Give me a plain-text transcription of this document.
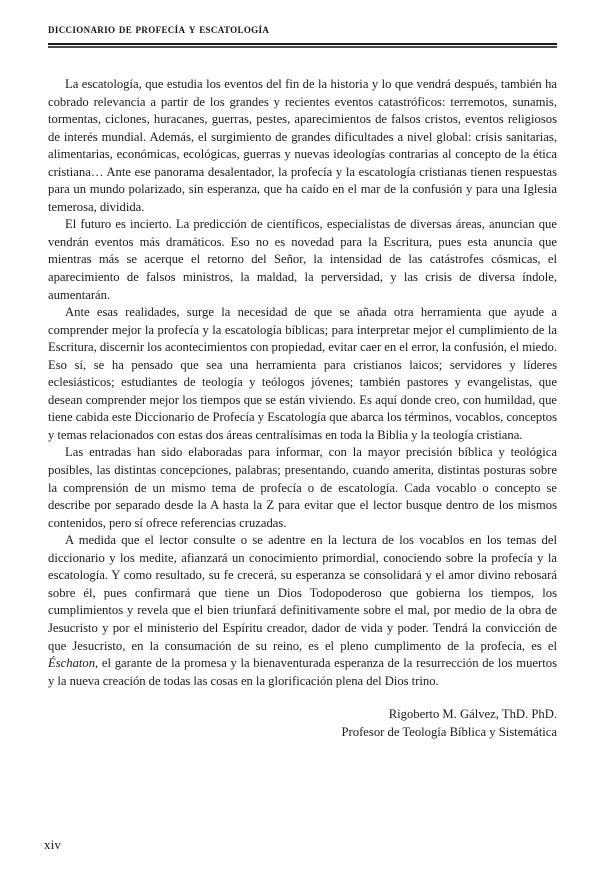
diccionario de profecía y escatología

La escatología, que estudia los eventos del fin de la historia y lo que vendrá después, también ha cobrado relevancia a partir de los grandes y recientes eventos catastróficos: terremotos, sunamis, tormentas, ciclones, huracanes, guerras, pestes, aparecimientos de falsos cristos, eventos religiosos de interés mundial. Además, el surgimiento de grandes dificultades a nivel global: crisis sanitarias, alimentarias, económicas, ecológicas, guerras y nuevas ideologías contrarias al concepto de la ética cristiana… Ante ese panorama desalentador, la profecía y la escatología cristianas tienen respuestas para un mundo polarizado, sin esperanza, que ha caído en el mar de la confusión y para una Iglesia temerosa, dividida.

El futuro es incierto. La predicción de científicos, especialistas de diversas áreas, anuncian que vendrán eventos más dramáticos. Eso no es novedad para la Escritura, pues esta anuncia que mientras más se acerque el retorno del Señor, la intensidad de las catástrofes cósmicas, el aparecimiento de falsos ministros, la maldad, la perversidad, y las crisis de diversa índole, aumentarán.

Ante esas realidades, surge la necesidad de que se añada otra herramienta que ayude a comprender mejor la profecía y la escatología bíblicas; para interpretar mejor el cumplimiento de la Escritura, discernir los acontecimientos con propiedad, evitar caer en el error, la confusión, el miedo. Eso sí, se ha pensado que sea una herramienta para cristianos laicos; servidores y líderes eclesiásticos; estudiantes de teología y teólogos jóvenes; también pastores y evangelistas, que desean comprender mejor los tiempos que se están viviendo. Es aquí donde creo, con humildad, que tiene cabida este Diccionario de Profecía y Escatología que abarca los términos, vocablos, conceptos y temas relacionados con estas dos áreas centralísimas en toda la Biblia y la teología cristiana.

Las entradas han sido elaboradas para informar, con la mayor precisión bíblica y teológica posibles, las distintas concepciones, palabras; presentando, cuando amerita, distintas posturas sobre la comprensión de un mismo tema de profecía o de escatología. Cada vocablo o concepto se describe por separado desde la A hasta la Z para evitar que el lector busque dentro de los mismos contenidos, pero sí ofrece referencias cruzadas.

A medida que el lector consulte o se adentre en la lectura de los vocablos en los temas del diccionario y los medite, afianzará un conocimiento primordial, conociendo sobre la profecía y la escatología. Y como resultado, su fe crecerá, su esperanza se consolidará y el amor divino rebosará sobre él, pues confirmará que tiene un Dios Todopoderoso que gobierna los tiempos, los cumplimientos y revela que el bien triunfará definitivamente sobre el mal, por medio de la obra de Jesucristo y por el ministerio del Espíritu creador, dador de vida y poder. Tendrá la convicción de que Jesucristo, en la consumación de su reino, es el pleno cumplimento de la profecía, es el Éschaton, el garante de la promesa y la bienaventurada esperanza de la resurrección de los muertos y la nueva creación de todas las cosas en la glorificación plena del Dios trino.

Rigoberto M. Gálvez, ThD. PhD.
Profesor de Teología Bíblica y Sistemática
xiv
